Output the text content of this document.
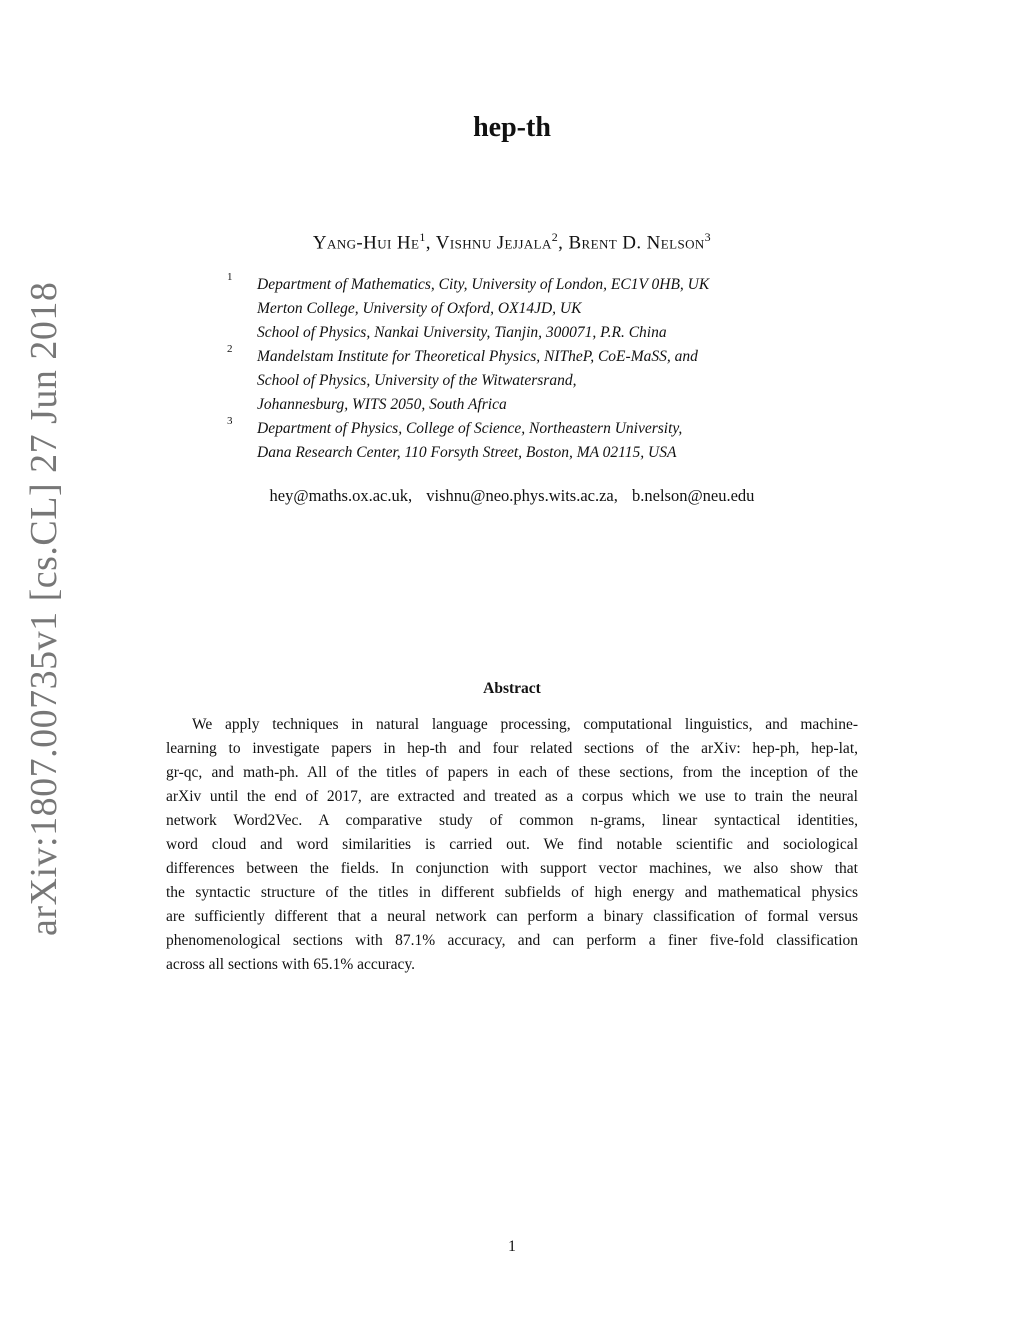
arXiv:1807.00735v1 [cs.CL] 27 Jun 2018
hep-th
Yang-Hui He$^1$, Vishnu Jejjala$^2$, Brent D. Nelson$^3$
1 Department of Mathematics, City, University of London, EC1V 0HB, UK
Merton College, University of Oxford, OX14JD, UK
School of Physics, Nankai University, Tianjin, 300071, P.R. China
2 Mandelstam Institute for Theoretical Physics, NITheP, CoE-MaSS, and
School of Physics, University of the Witwatersrand,
Johannesburg, WITS 2050, South Africa
3 Department of Physics, College of Science, Northeastern University,
Dana Research Center, 110 Forsyth Street, Boston, MA 02115, USA
hey@maths.ox.ac.uk, vishnu@neo.phys.wits.ac.za, b.nelson@neu.edu
Abstract
We apply techniques in natural language processing, computational linguistics, and machine-
learning to investigate papers in hep-th and four related sections of the arXiv: hep-ph, hep-lat,
gr-qc, and math-ph. All of the titles of papers in each of these sections, from the inception of the
arXiv until the end of 2017, are extracted and treated as a corpus which we use to train the neural
network Word2Vec. A comparative study of common n-grams, linear syntactical identities,
word cloud and word similarities is carried out. We find notable scientific and sociological
differences between the fields. In conjunction with support vector machines, we also show that
the syntactic structure of the titles in different subfields of high energy and mathematical physics
are sufficiently different that a neural network can perform a binary classification of formal versus
phenomenological sections with 87.1% accuracy, and can perform a finer five-fold classification
across all sections with 65.1% accuracy.
1
